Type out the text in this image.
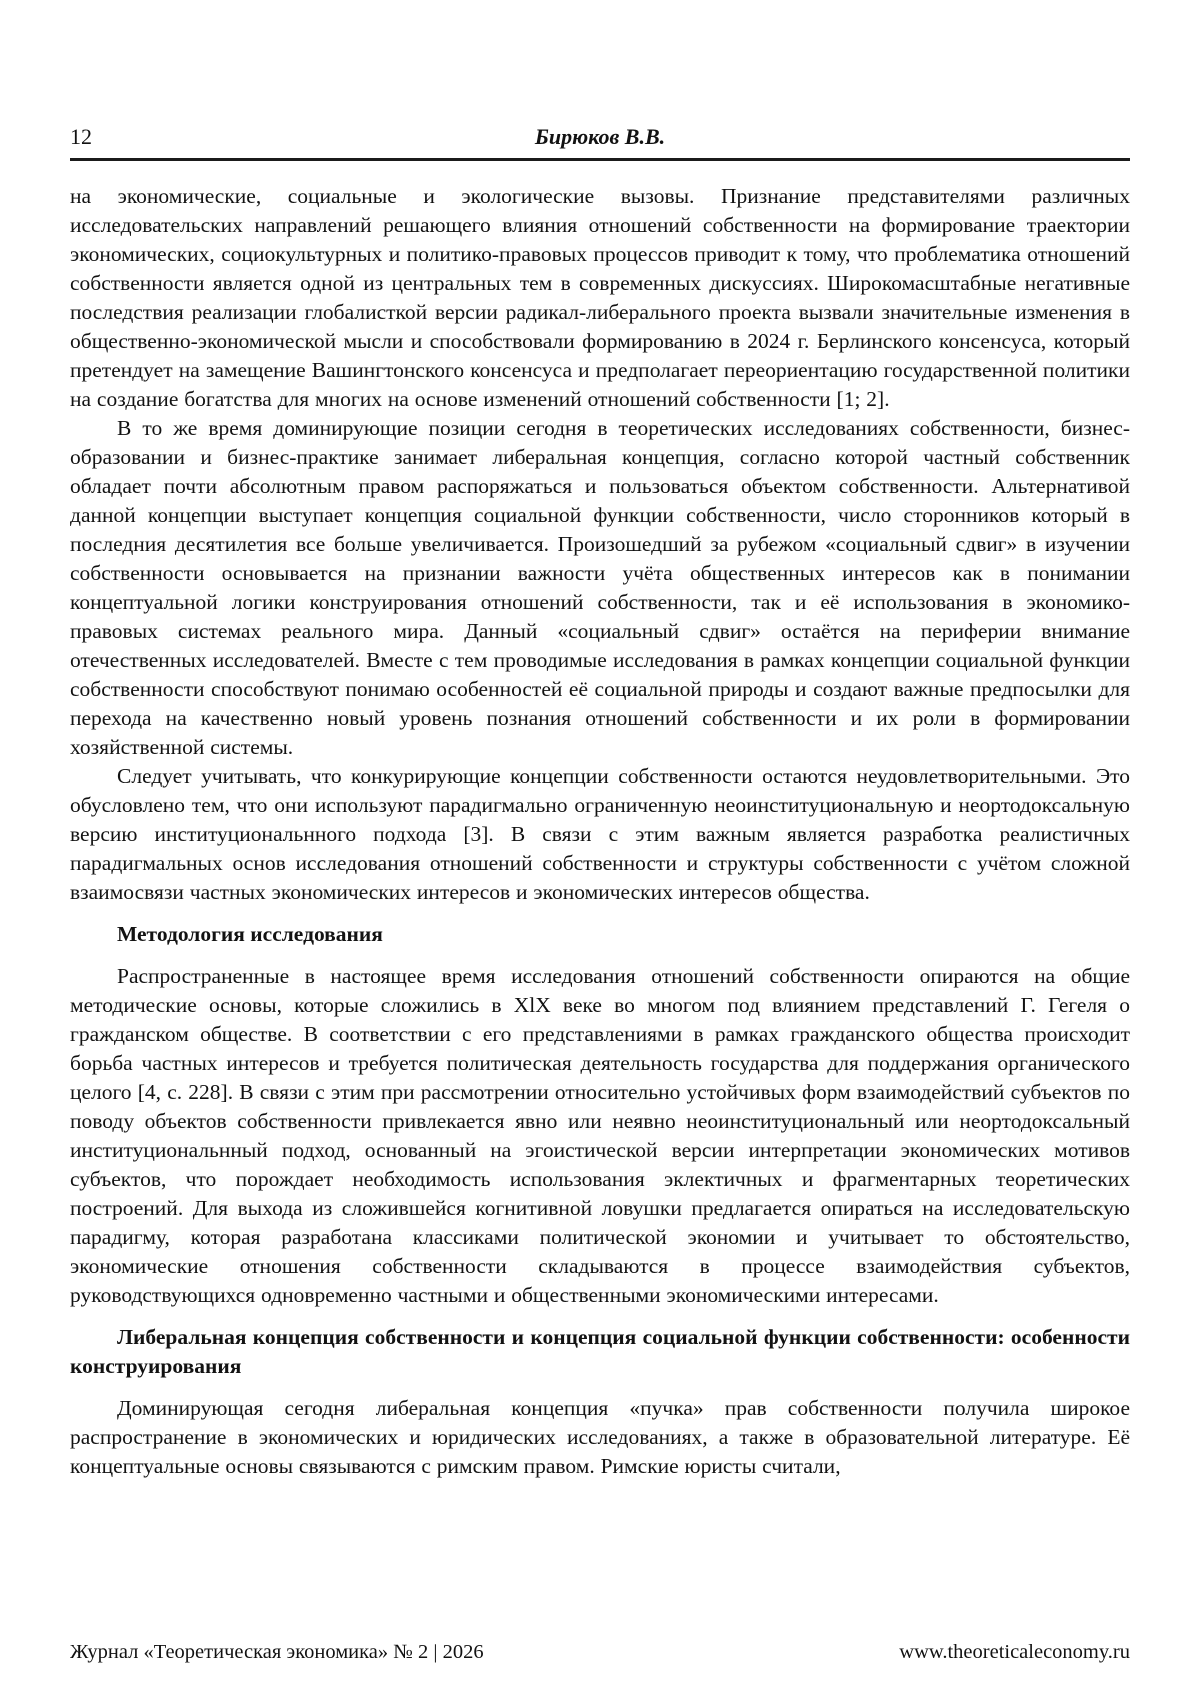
12	Бирюков В.В.

на экономические, социальные и экологические вызовы. Признание представителями различных исследовательских направлений решающего влияния отношений собственности на формирование траектории экономических, социокультурных и политико-правовых процессов приводит к тому, что проблематика отношений собственности является одной из центральных тем в современных дискуссиях. Широкомасштабные негативные последствия реализации глобалисткой версии радикал-либерального проекта вызвали значительные изменения в общественно-экономической мысли и способствовали формированию в 2024 г. Берлинского консенсуса, который претендует на замещение Вашингтонского консенсуса и предполагает переориентацию государственной политики на создание богатства для многих на основе изменений отношений собственности [1; 2].

В то же время доминирующие позиции сегодня в теоретических исследованиях собственности, бизнес-образовании и бизнес-практике занимает либеральная концепция, согласно которой частный собственник обладает почти абсолютным правом распоряжаться и пользоваться объектом собственности. Альтернативой данной концепции выступает концепция социальной функции собственности, число сторонников который в последния десятилетия все больше увеличивается. Произошедший за рубежом «социальный сдвиг» в изучении собственности основывается на признании важности учёта общественных интересов как в понимании концептуальной логики конструирования отношений собственности, так и её использования в экономико-правовых системах реального мира. Данный «социальный сдвиг» остаётся на периферии внимание отечественных исследователей. Вместе с тем проводимые исследования в рамках концепции социальной функции собственности способствуют понимаю особенностей её социальной природы и создают важные предпосылки для перехода на качественно новый уровень познания отношений собственности и их роли в формировании хозяйственной системы.

Следует учитывать, что конкурирующие концепции собственности остаются неудовлетворительными. Это обусловлено тем, что они используют парадигмально ограниченную неоинституциональную и неортодоксальную версию институциональнного подхода [3]. В связи с этим важным является разработка реалистичных парадигмальных основ исследования отношений собственности и структуры собственности с учётом сложной взаимосвязи частных экономических интересов и экономических интересов общества.

Методология исследования

Распространенные в настоящее время исследования отношений собственности опираются на общие методические основы, которые сложились в XlX веке во многом под влиянием представлений Г. Гегеля о гражданском обществе. В соответствии с его представлениями в рамках гражданского общества происходит борьба частных интересов и требуется политическая деятельность государства для поддержания органического целого [4, с. 228]. В связи с этим при рассмотрении относительно устойчивых форм взаимодействий субъектов по поводу объектов собственности привлекается явно или неявно неоинституциональный или неортодоксальный институциональнный подход, основанный на эгоистической версии интерпретации экономических мотивов субъектов, что порождает необходимость использования эклектичных и фрагментарных теоретических построений. Для выхода из сложившейся когнитивной ловушки предлагается опираться на исследовательскую парадигму, которая разработана классиками политической экономии и учитывает то обстоятельство, экономические отношения собственности складываются в процессе взаимодействия субъектов, руководствующихся одновременно частными и общественными экономическими интересами.

Либеральная концепция собственности и концепция социальной функции собственности: особенности конструирования

Доминирующая сегодня либеральная концепция «пучка» прав собственности получила широкое распространение в экономических и юридических исследованиях, а также в образовательной литературе. Её концептуальные основы связываются с римским правом. Римские юристы считали,

Журнал «Теоретическая экономика» № 2 | 2026	www.theoreticaleconomy.ru
